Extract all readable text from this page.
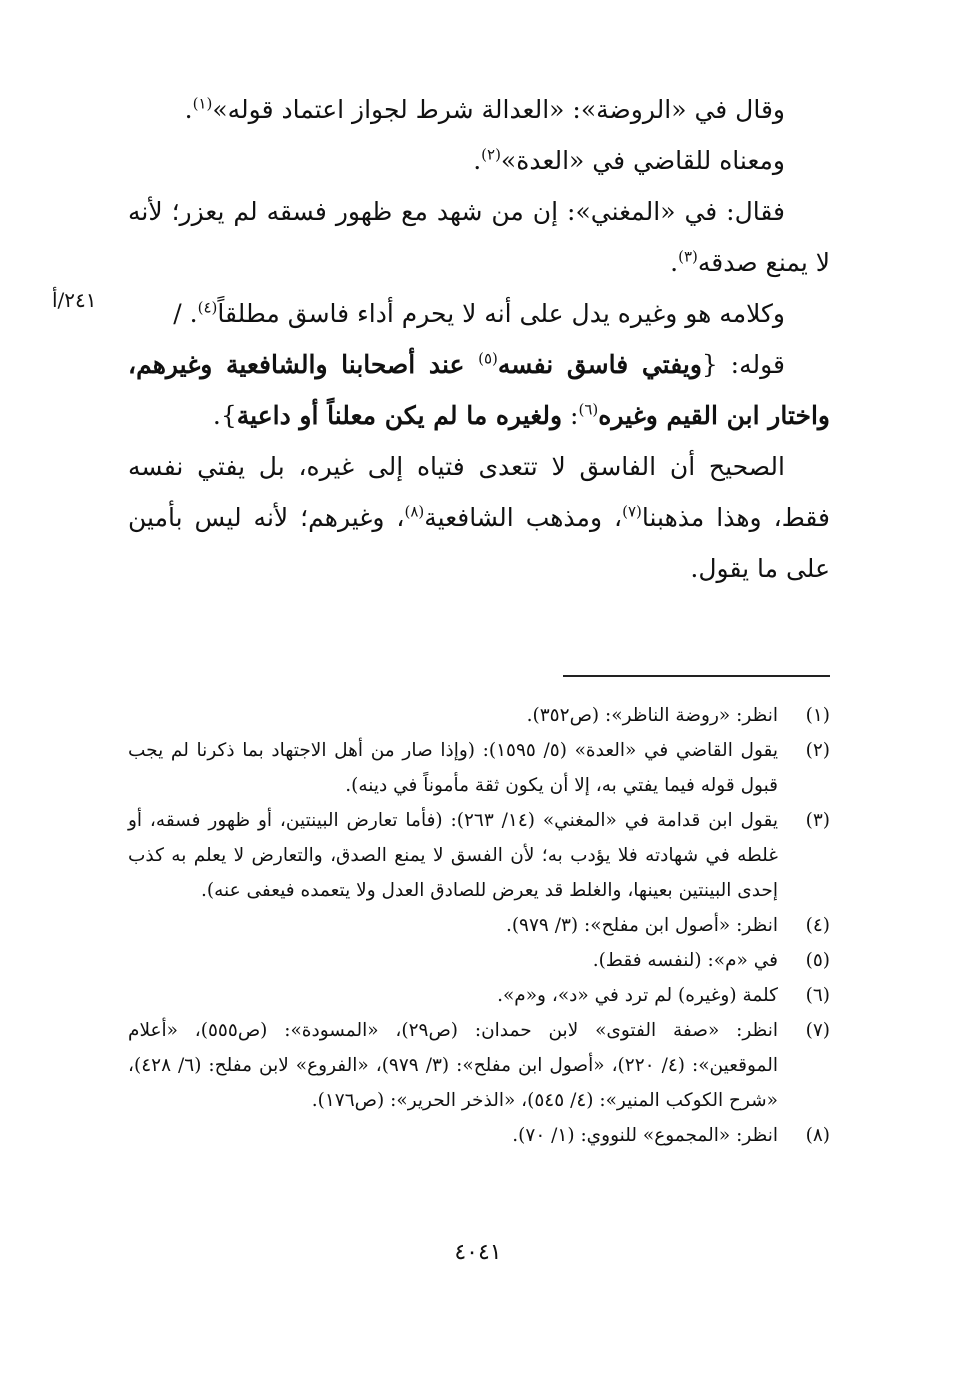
٢٤١/أ

وقال في «الروضة»: «العدالة شرط لجواز اعتماد قوله»$^{(١)}$.

ومعناه للقاضي في «العدة»$^{(٢)}$.

فقال: في «المغني»: إن من شهد مع ظهور فسقه لم يعزر؛ لأنه لا يمنع صدقه$^{(٣)}$.

وكلامه هو وغيره يدل على أنه لا يحرم أداء فاسق مطلقاً$^{(٤)}$. /

قوله: {ويفتي فاسق نفسه$^{(٥)}$ عند أصحابنا والشافعية وغيرهم، واختار ابن القيم وغيره$^{(٦)}$: ولغيره ما لم يكن معلناً أو داعية}.

الصحيح أن الفاسق لا تتعدى فتياه إلى غيره، بل يفتي نفسه فقط، وهذا مذهبنا$^{(٧)}$، ومذهب الشافعية$^{(٨)}$، وغيرهم؛ لأنه ليس بأمين على ما يقول.

(١)
انظر: «روضة الناظر»: (ص٣٥٢).
(٢)
يقول القاضي في «العدة» (٥/ ١٥٩٥): (وإذا صار من أهل الاجتهاد بما ذكرنا لم يجب قبول قوله فيما يفتي به، إلا أن يكون ثقة مأموناً في دينه).
(٣)
يقول ابن قدامة في «المغني» (١٤/ ٢٦٣): (فأما تعارض البينتين، أو ظهور فسقه، أو غلطه في شهادته فلا يؤدب به؛ لأن الفسق لا يمنع الصدق، والتعارض لا يعلم به كذب إحدى البينتين بعينها، والغلط قد يعرض للصادق العدل ولا يتعمده فيعفى عنه).
(٤)
انظر: «أصول ابن مفلح»: (٣/ ٩٧٩).
(٥)
في «م»: (لنفسه فقط).
(٦)
كلمة (وغيره) لم ترد في «د»، و«م».
(٧)
انظر: «صفة الفتوى» لابن حمدان: (ص٢٩)، «المسودة»: (ص٥٥٥)، «أعلام الموقعين»: (٤/ ٢٢٠)، «أصول ابن مفلح»: (٣/ ٩٧٩)، «الفروع» لابن مفلح: (٦/ ٤٢٨)، «شرح الكوكب المنير»: (٤/ ٥٤٥)، «الذخر الحرير»: (ص١٧٦).
(٨)
انظر: «المجموع» للنووي: (١/ ٧٠).
٤٠٤١
